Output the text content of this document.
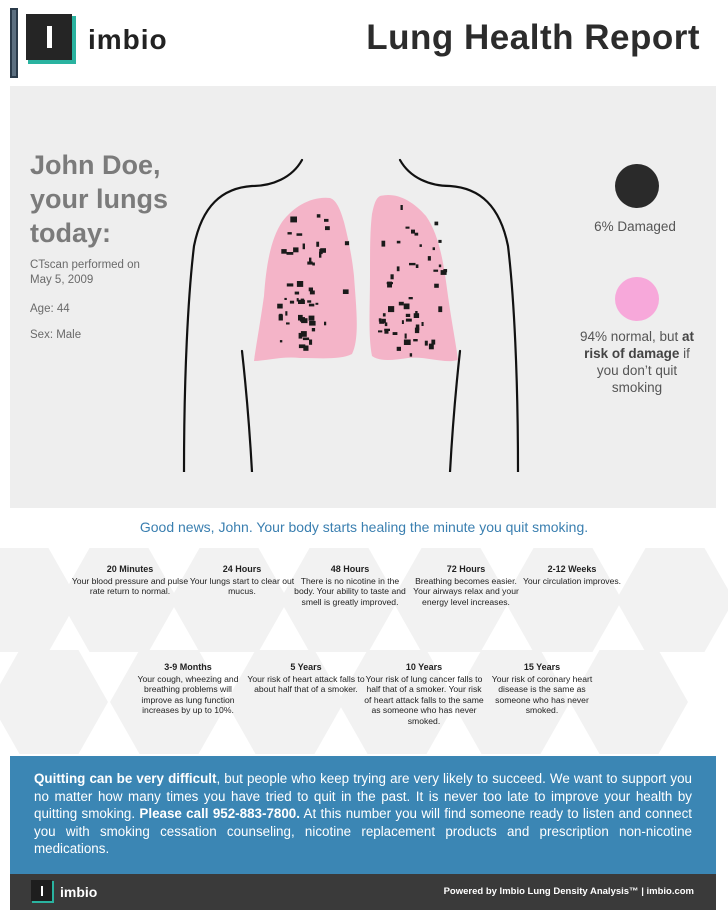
imbio	Lung Health Report
John Doe, your lungs today:
CTscan performed on May 5, 2009
Age: 44
Sex: Male
6% Damaged
94% normal, but at risk of damage if you don’t quit smoking
Good news, John. Your body starts healing the minute you quit smoking.
20 Minutes
Your blood pressure and pulse rate return to normal.
24 Hours
Your lungs start to clear out mucus.
48 Hours
There is no nicotine in the body. Your ability to taste and smell is greatly improved.
72 Hours
Breathing becomes easier. Your airways relax and your energy level increases.
2-12 Weeks
Your circulation improves.
3-9 Months
Your cough, wheezing and breathing problems will improve as lung function increases by up to 10%.
5 Years
Your risk of heart attack falls to about half that of a smoker.
10 Years
Your risk of lung cancer falls to half that of a smoker. Your risk of heart attack falls to the same as someone who has never smoked.
15 Years
Your risk of coronary heart disease is the same as someone who has never smoked.
Quitting can be very difficult, but people who keep trying are very likely to succeed. We want to support you no matter how many times you have tried to quit in the past. It is never too late to improve your health by quitting smoking. Please call 952-883-7800. At this number you will find someone ready to listen and connect you with smoking cessation counseling, nicotine replacement products and prescription non-nicotine medications.
imbio	Powered by Imbio Lung Density Analysis™ | imbio.com
